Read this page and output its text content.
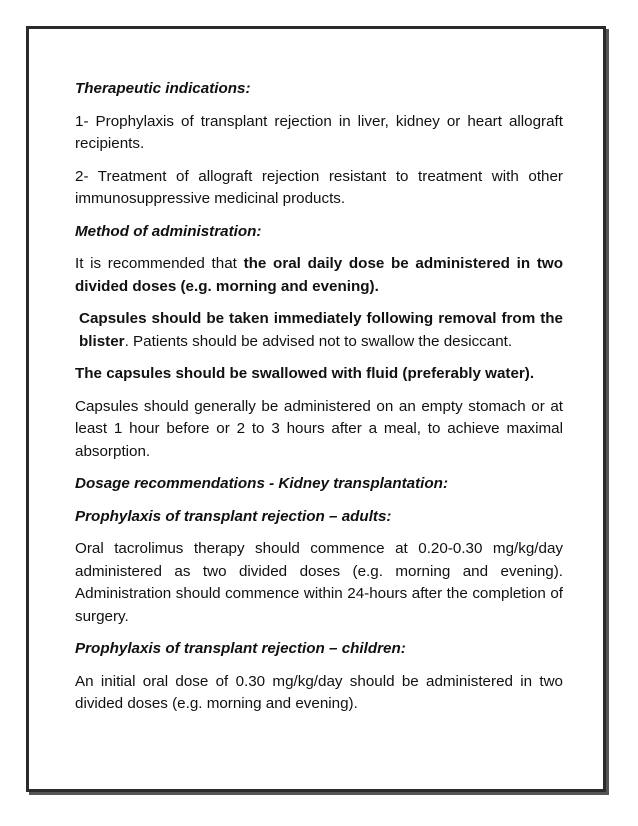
Therapeutic indications:

1- Prophylaxis of transplant rejection in liver, kidney or heart allograft recipients.

2- Treatment of allograft rejection resistant to treatment with other immunosuppressive medicinal products.

Method of administration:

It is recommended that the oral daily dose be administered in two divided doses (e.g. morning and evening).

Capsules should be taken immediately following removal from the blister. Patients should be advised not to swallow the desiccant.

The capsules should be swallowed with fluid (preferably water).

Capsules should generally be administered on an empty stomach or at least 1 hour before or 2 to 3 hours after a meal, to achieve maximal absorption.

Dosage recommendations - Kidney transplantation:

Prophylaxis of transplant rejection – adults:

Oral tacrolimus therapy should commence at 0.20-0.30 mg/kg/day administered as two divided doses (e.g. morning and evening). Administration should commence within 24-hours after the completion of surgery.

Prophylaxis of transplant rejection – children:

An initial oral dose of 0.30 mg/kg/day should be administered in two divided doses (e.g. morning and evening).
